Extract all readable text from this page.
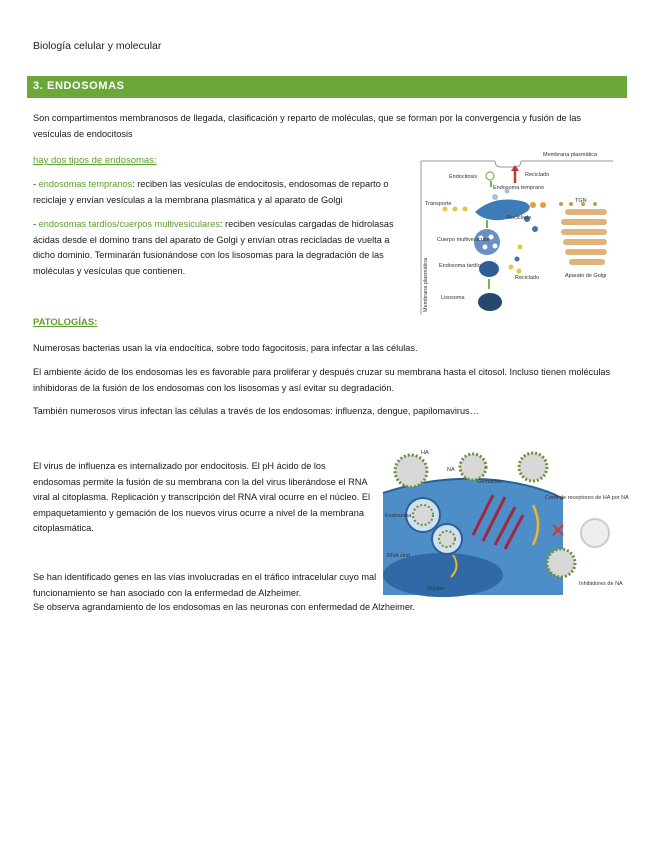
Biología celular y molecular
3. ENDOSOMAS

Son compartimentos membranosos de llegada, clasificación y reparto de moléculas, que se forman por la convergencia y fusión de las vesículas de endocitosis

hay dos tipos de endosomas:

- endosomas tempranos: reciben las vesículas de endocitosis, endosomas de reparto o reciclaje y envían vesículas a la membrana plasmática y al aparato de Golgi

- endosomas tardíos/cuerpos multivesiculares: reciben vesículas cargadas de hidrolasas ácidas desde el domino trans del aparato de Golgi y envían otras recicladas de vuelta a dicho dominio. Terminarán fusionándose con los lisosomas para la degradación de las moléculas y vesículas que contienen.

Membrana plasmática
Endocitosis
Endosoma temprano
Reciclado
TGN
Transporte
Reciclado
Cuerpo multivesicular
Endosoma tardío
Reciclado	Aparato de Golgi
Lisosoma
Membrana plasmática

PATOLOGÍAS:

Numerosas bacterias usan la vía endocítica, sobre todo fagocitosis, para infectar a las células.

El ambiente ácido de los endosomas les es favorable para proliferar y después cruzar su membrana hasta el citosol. Incluso tienen moléculas inhibidoras de la fusión de los endosomas con los lisosomas y así evitar su degradación.

También numerosos virus infectan las células a través de los endosomas: influenza, dengue, papilomavirus…

El virus de influenza es internalizado por endocitosis. El pH ácido de los endosomas permite la fusión de su membrana con la del virus liberándose el RNA viral al citoplasma. Replicación y transcripción del RNA viral ocurre en el núcleo. El empaquetamiento y gemación de los nuevos virus ocurre a nivel de la membrana citoplasmática.

HA
NA
Gemación
Endosoma
RNA viral
Núcleo
Corte de receptores de HA por NA
Inhibidores de NA

Se han identificado genes en las vías involucradas en el tráfico intracelular cuyo mal funcionamiento se han asociado con la enfermedad de Alzheimer.

Se observa agrandamiento de los endosomas en las neuronas con enfermedad de Alzheimer.
